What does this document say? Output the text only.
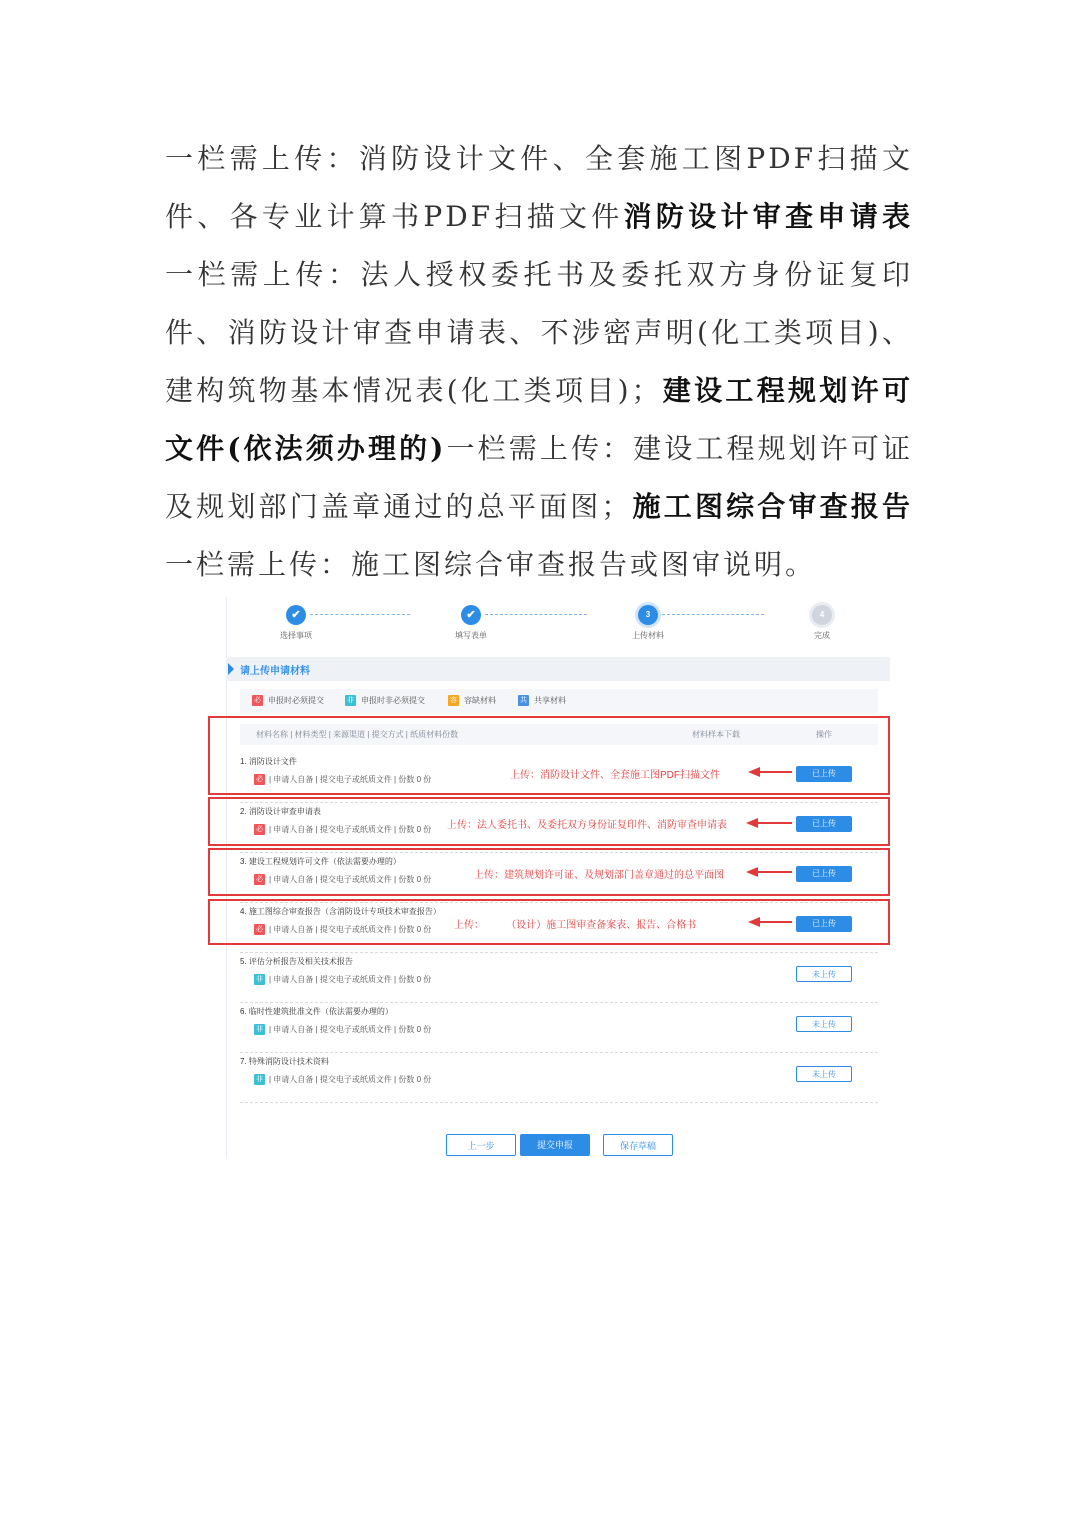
一栏需上传：消防设计文件、全套施工图PDF扫描文件、各专业计算书PDF扫描文件消防设计审查申请表一栏需上传：法人授权委托书及委托双方身份证复印件、消防设计审查申请表、不涉密声明(化工类项目)、建构筑物基本情况表(化工类项目)；建设工程规划许可文件(依法须办理的)一栏需上传：建设工程规划许可证及规划部门盖章通过的总平面图；施工图综合审查报告一栏需上传：施工图综合审查报告或图审说明。
✔
选择事项
✔
填写表单
3
上传材料
4
完成
请上传申请材料
必 申报时必须提交	非 申报时非必须提交	容 容缺材料	共 共享材料
材料名称 | 材料类型 | 来源渠道 | 提交方式 | 纸质材料份数	材料样本下载	操作
1. 消防设计文件
必 | 申请人自备 | 提交电子或纸质文件 | 份数 0 份	上传：消防设计文件、全套施工图PDF扫描文件	已上传
2. 消防设计审查申请表
必 | 申请人自备 | 提交电子或纸质文件 | 份数 0 份 上传：法人委托书、及委托双方身份证复印件、消防审查申请表	已上传
3. 建设工程规划许可文件（依法需要办理的）
必 | 申请人自备 | 提交电子或纸质文件 | 份数 0 份	上传：建筑规划许可证、及规划部门盖章通过的总平面图	已上传
4. 施工图综合审查报告（含消防设计专项技术审查报告）
必 | 申请人自备 | 提交电子或纸质文件 | 份数 0 份 上传：        （设计）施工图审查备案表、报告、合格书	已上传
5. 评估分析报告及相关技术报告
非 | 申请人自备 | 提交电子或纸质文件 | 份数 0 份
未上传
6. 临时性建筑批准文件（依法需要办理的）
非 | 申请人自备 | 提交电子或纸质文件 | 份数 0 份
未上传
7. 特殊消防设计技术资料
非 | 申请人自备 | 提交电子或纸质文件 | 份数 0 份
未上传
上一步	提交申报	保存草稿
